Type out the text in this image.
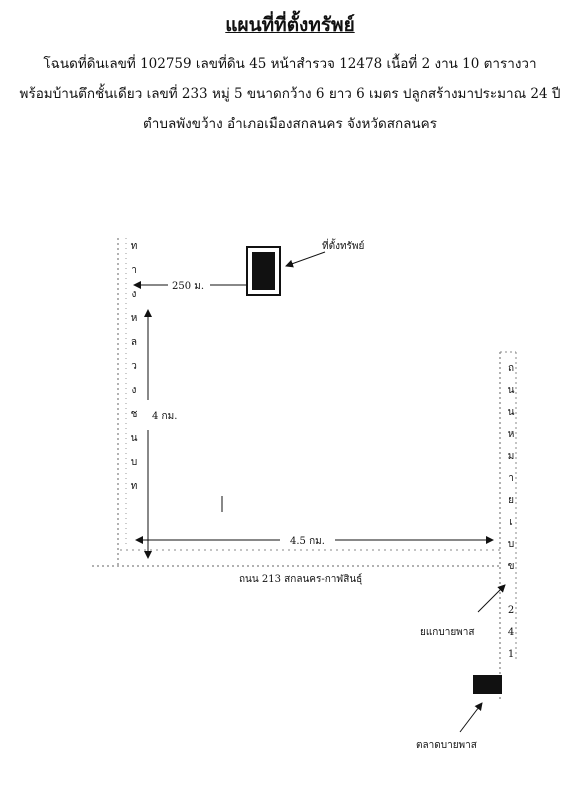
แผนที่ที่ตั้งทรัพย์
โฉนดที่ดินเลขที่ 102759 เลขที่ดิน 45 หน้าสำรวจ 12478 เนื้อที่ 2 งาน 10 ตารางวา
พร้อมบ้านตึกชั้นเดียว เลขที่ 233 หมู่ 5 ขนาดกว้าง 6 ยาว 6 เมตร ปลูกสร้างมาประมาณ 24 ปี
ตำบลพังขว้าง อำเภอเมืองสกลนคร จังหวัดสกลนคร
ท
า
ง
ห
ล
ว
ง
ช
น
บ
ท
ถ
น
น
ห
ม
า
ย
เ
บ
ข
2
4
1
ที่ตั้งทรัพย์
250 ม.
4 กม.
4.5 กม.
ถนน 213 สกลนคร-กาฬสินธุ์
ยแกบายพาส
ตลาดบายพาส
